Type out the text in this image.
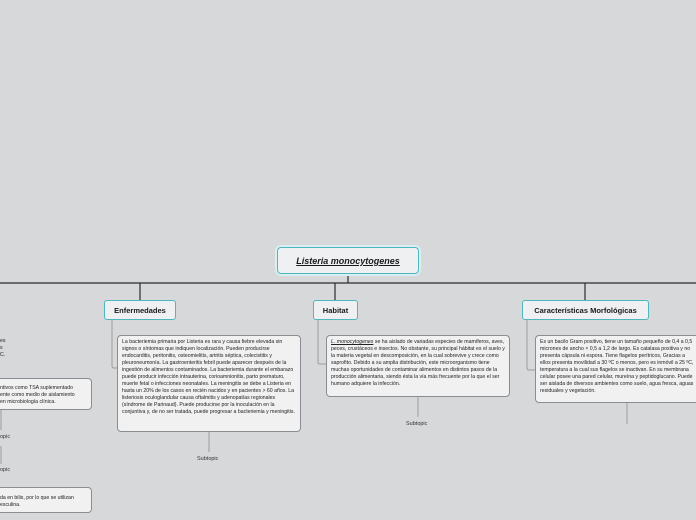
Listeria monocytogenes
Enfermedades	Habitat	Características Morfológicas
La bacteriemia primaria por Listeria es rara y causa fiebre elevada sin signos o síntomas que indiquen localización. Pueden producirse endocarditis, peritonitis, osteomielitis, artritis séptica, colecistitis y pleuroneumonía. La gastroenteritis febril puede aparecer después de la ingestión de alimentos contaminados. La bacteriemia durante el embarazo puede producir infección intrauterina, corioamnionitis, parto prematuro, muerte fetal o infecciones neonatales. La meningitis se debe a Listeria en hasta un 20% de los casos en recién nacidos y en pacientes > 60 años. La listeriosis oculoglandular causa oftalmitis y adenopatías regionales (síndrome de Parinaud). Puede producirse por la inoculación en la conjuntiva y, de no ser tratada, puede progresar a bacteriemia y meningitis.
L. monocytogenes se ha aislado de variadas especies de mamíferos, aves, peces, crustáceos e insectos. No obstante, su principal hábitat es el suelo y la materia vegetal en descomposición, en la cual sobrevive y crece como saprofito. Debido a su amplia distribución, este microorganismo tiene muchas oportunidades de contaminar alimentos en distintos pasos de la producción alimentaria, siendo ésta la vía más frecuente por la que el ser humano adquiere la infección.
Es un bacilo Gram positivo, tiene un tamaño pequeño de 0,4 a 0,5 micrones de ancho × 0,5 a 1,2 de largo. Es catalasa positiva y no presenta cápsula ni espora. Tiene flagelos perítricos, Gracias a ellos presenta movilidad a 30 ºC o menos, pero es inmóvil a 25 ºC, temperatura a la cual sus flagelos se inactivan. En su membrana celular posee una pared celular, mureína y peptidoglucano. Puede ser aislada de diversos ambientes como suelo, agua fresca, aguas residuales y vegetación.
Subtopic
Subtopic
opic
opic
es
s
C.
ntivos como TSA suplementado
ente como medio de aislamiento
en microbiología clínica.
da en bilis, por lo que se utilizan
esculina.
